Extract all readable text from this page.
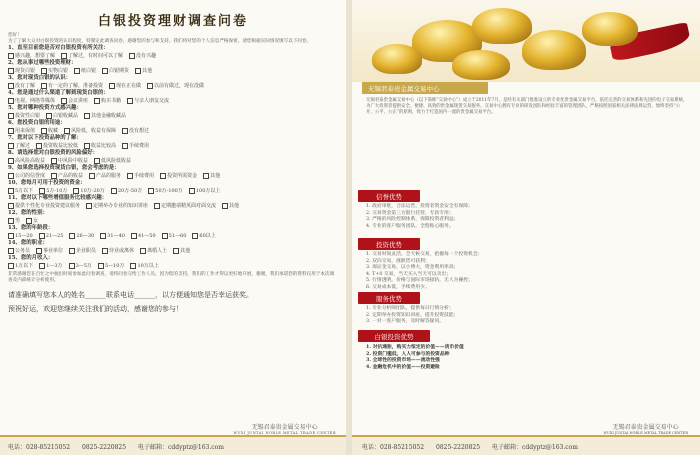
白银投资理财调查问卷
您好！
为了了解大众对白银投资的认识程度，特制定此调查问卷，感谢您的参与和支持。我们将对您的个人信息严格保密，请您根据实际情况填写以下问卷。
1、直至目前您是否对白银投资有所关注：
感兴趣，想要了解	了解过，有时间可以了解	没有兴趣
2、您从事过哪些投资理财：
现货白银	实物白银	纸白银	白银期货	其他
3、您对现货白银的认识：
没有了解	有一定的了解，准备投资	现在正在做	以前有做过，现在没做
4、您是通过什么渠道了解到现货白银的：
电视、网络等媒体	会议讲座	购买书籍	与亲人朋友交流
5、您对哪种投资方式感兴趣：
投资性白银	白银收藏品	其他金融收藏品
6、您投资白银的用途：
用来保值	收藏	风险低，收益有保障	没有想过
7、您对以下投资品种的了解：
了解过	投资收益比较低	收益比较高	手续费用
8、请选择您对白银投资的风险偏好：
高风险高收益	中风险中收益	低风险低收益
9、如果您选择投资现货白银，您会考虑的是：
公司的信誉度	产品的收益	产品的服务	手续费用	投资所需资金	其他
10、您每月可用于投资的资金：
5万以下	5万-10万	10万-20万	20万-50万	50万-100万	100万以上
11、您对以下哪些增值服务比较感兴趣：
提供个性化专业投资建议服务	定期举办专业的知识讲座	定期邀请精英面对面交流	其他
12、您的性别：
男	女
13、您的年龄段：
15—20	21—25	26—30	31—40	41—50	51—60	60以上
14、您的职业：
公务员	事业单位	企业职员	待业或离休	离婚人士	其他
15、您的月收入：
1万以下	1—3万	3—5万	5—10万	10万以上
非常感谢您在百忙之中抽出时间参加此问卷调查，请将问卷交给工作人员，因为您的支持，我们的工作才得以更好地开展，谢谢，我们承诺您的资料仅用于本次调查及内部统计分析使用。
请准确填写您本人的姓名______联系电话______，以方便通知您是否幸运获奖。
预祝好运，欢迎您继续关注我们的活动，感谢您的参与！
无锡君泰贵金属交易中心
WUXI JUNTAI NOBLE METAL TRADE CENTER
电话：028-85215052　　0825-2220825　　电子邮箱：cddyptz@163.com
无锡君泰贵金属交易中心
无锡君泰贵金属交易中心（以下简称“交易中心”）成立于2011年7月，是经有关部门批准设立的专业化贵金属交易平台，依托完善的交易体系和先进的电子交易系统，为广大投资者提供安全、便捷、高效的贵金属现货交易服务。交易中心拥有专业的研发团队和经验丰富的管理团队，严格按照国家相关法律法规运营，始终坚持“公开、公平、公正”的原则，致力于打造国内一流的贵金属交易平台。
信誉优势
1. 政府审批，合法运营，投资者资金安全有保障；
2. 交易资金第三方银行托管，专款专用；
3. 严格的风险控制体系，保障投资者利益；
4. 专业的客户服务团队，全程贴心服务。
投资优势
1. 交易时间灵活，全天候交易，把握每一个投资机会；
2. 双向交易，涨跌皆可获利；
3. 保证金交易，以小博大，资金利用率高；
4. T+0 交易，当天买入当天可以卖出；
5. 行情透明，价格与国际市场接轨，无人为操控；
6. 交易成本低，手续费用少。
服务优势
1. 专业分析师团队，提供每日行情分析；
2. 定期举办投资知识讲座，提升投资技能；
3. 一对一客户服务，及时解答疑问。
白银投资优势
1. 对抗通胀，购买力恒定的价值——货币价值
2. 投资门槛低，人人可参与的投资品种
3. 全球性的投资市场——流动性强
4. 金融危机中的价值——投资避险
无锡君泰贵金属交易中心
WUXI JUNTAI NOBLE METAL TRADE CENTER
电话：028-85215052　　0825-2220825　　电子邮箱：cddyptz@163.com
